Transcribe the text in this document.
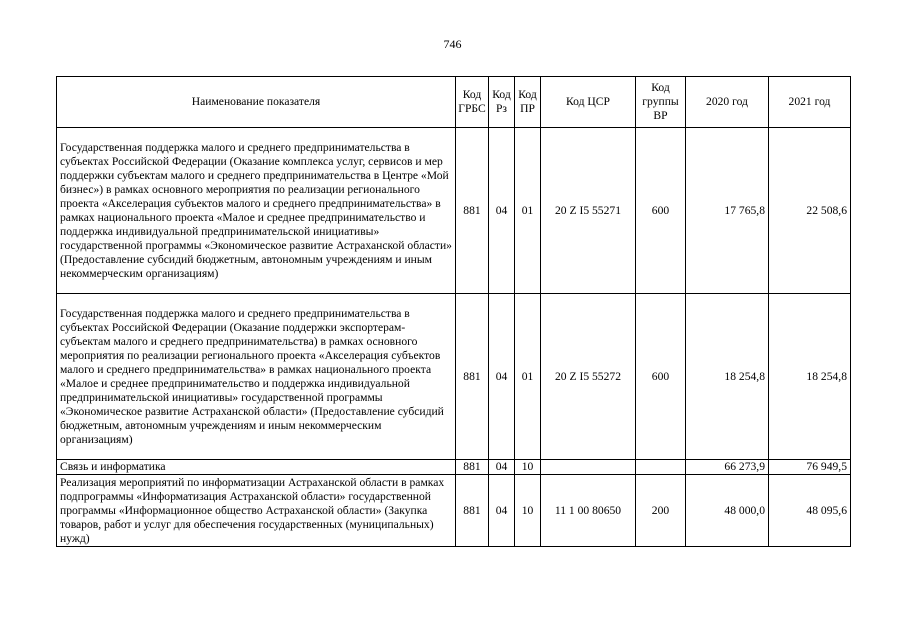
746
Наименование показателя	Код ГРБС	Код Рз	Код ПР	Код ЦСР	Код группы ВР	2020 год	2021 год
Государственная поддержка малого и среднего предпринимательства в субъектах Российской Федерации (Оказание комплекса услуг, сервисов и мер поддержки субъектам малого и среднего предпринимательства в Центре «Мой бизнес») в рамках основного мероприятия по реализации регионального проекта «Акселерация субъектов малого и среднего предпринимательства» в рамках национального проекта «Малое и среднее предпринимательство и поддержка индивидуальной предпринимательской инициативы» государственной программы «Экономическое развитие Астраханской области» (Предоставление субсидий бюджетным, автономным учреждениям и иным некоммерческим организациям)	881	04	01	20 Z I5 55271	600	17 765,8	22 508,6
Государственная поддержка малого и среднего предпринимательства в субъектах Российской Федерации (Оказание поддержки экспортерам-субъектам малого и среднего предпринимательства) в рамках основного мероприятия по реализации регионального проекта «Акселерация субъектов малого и среднего предпринимательства» в рамках национального проекта «Малое и среднее предпринимательство и поддержка индивидуальной предпринимательской инициативы» государственной программы «Экономическое развитие Астраханской области» (Предоставление субсидий бюджетным, автономным учреждениям и иным некоммерческим организациям)	881	04	01	20 Z I5 55272	600	18 254,8	18 254,8
Связь и информатика	881	04	10			66 273,9	76 949,5
Реализация мероприятий по информатизации Астраханской области в рамках подпрограммы «Информатизация Астраханской области» государственной программы «Информационное общество Астраханской области» (Закупка товаров, работ и услуг для обеспечения государственных (муниципальных) нужд)	881	04	10	11 1 00 80650	200	48 000,0	48 095,6
